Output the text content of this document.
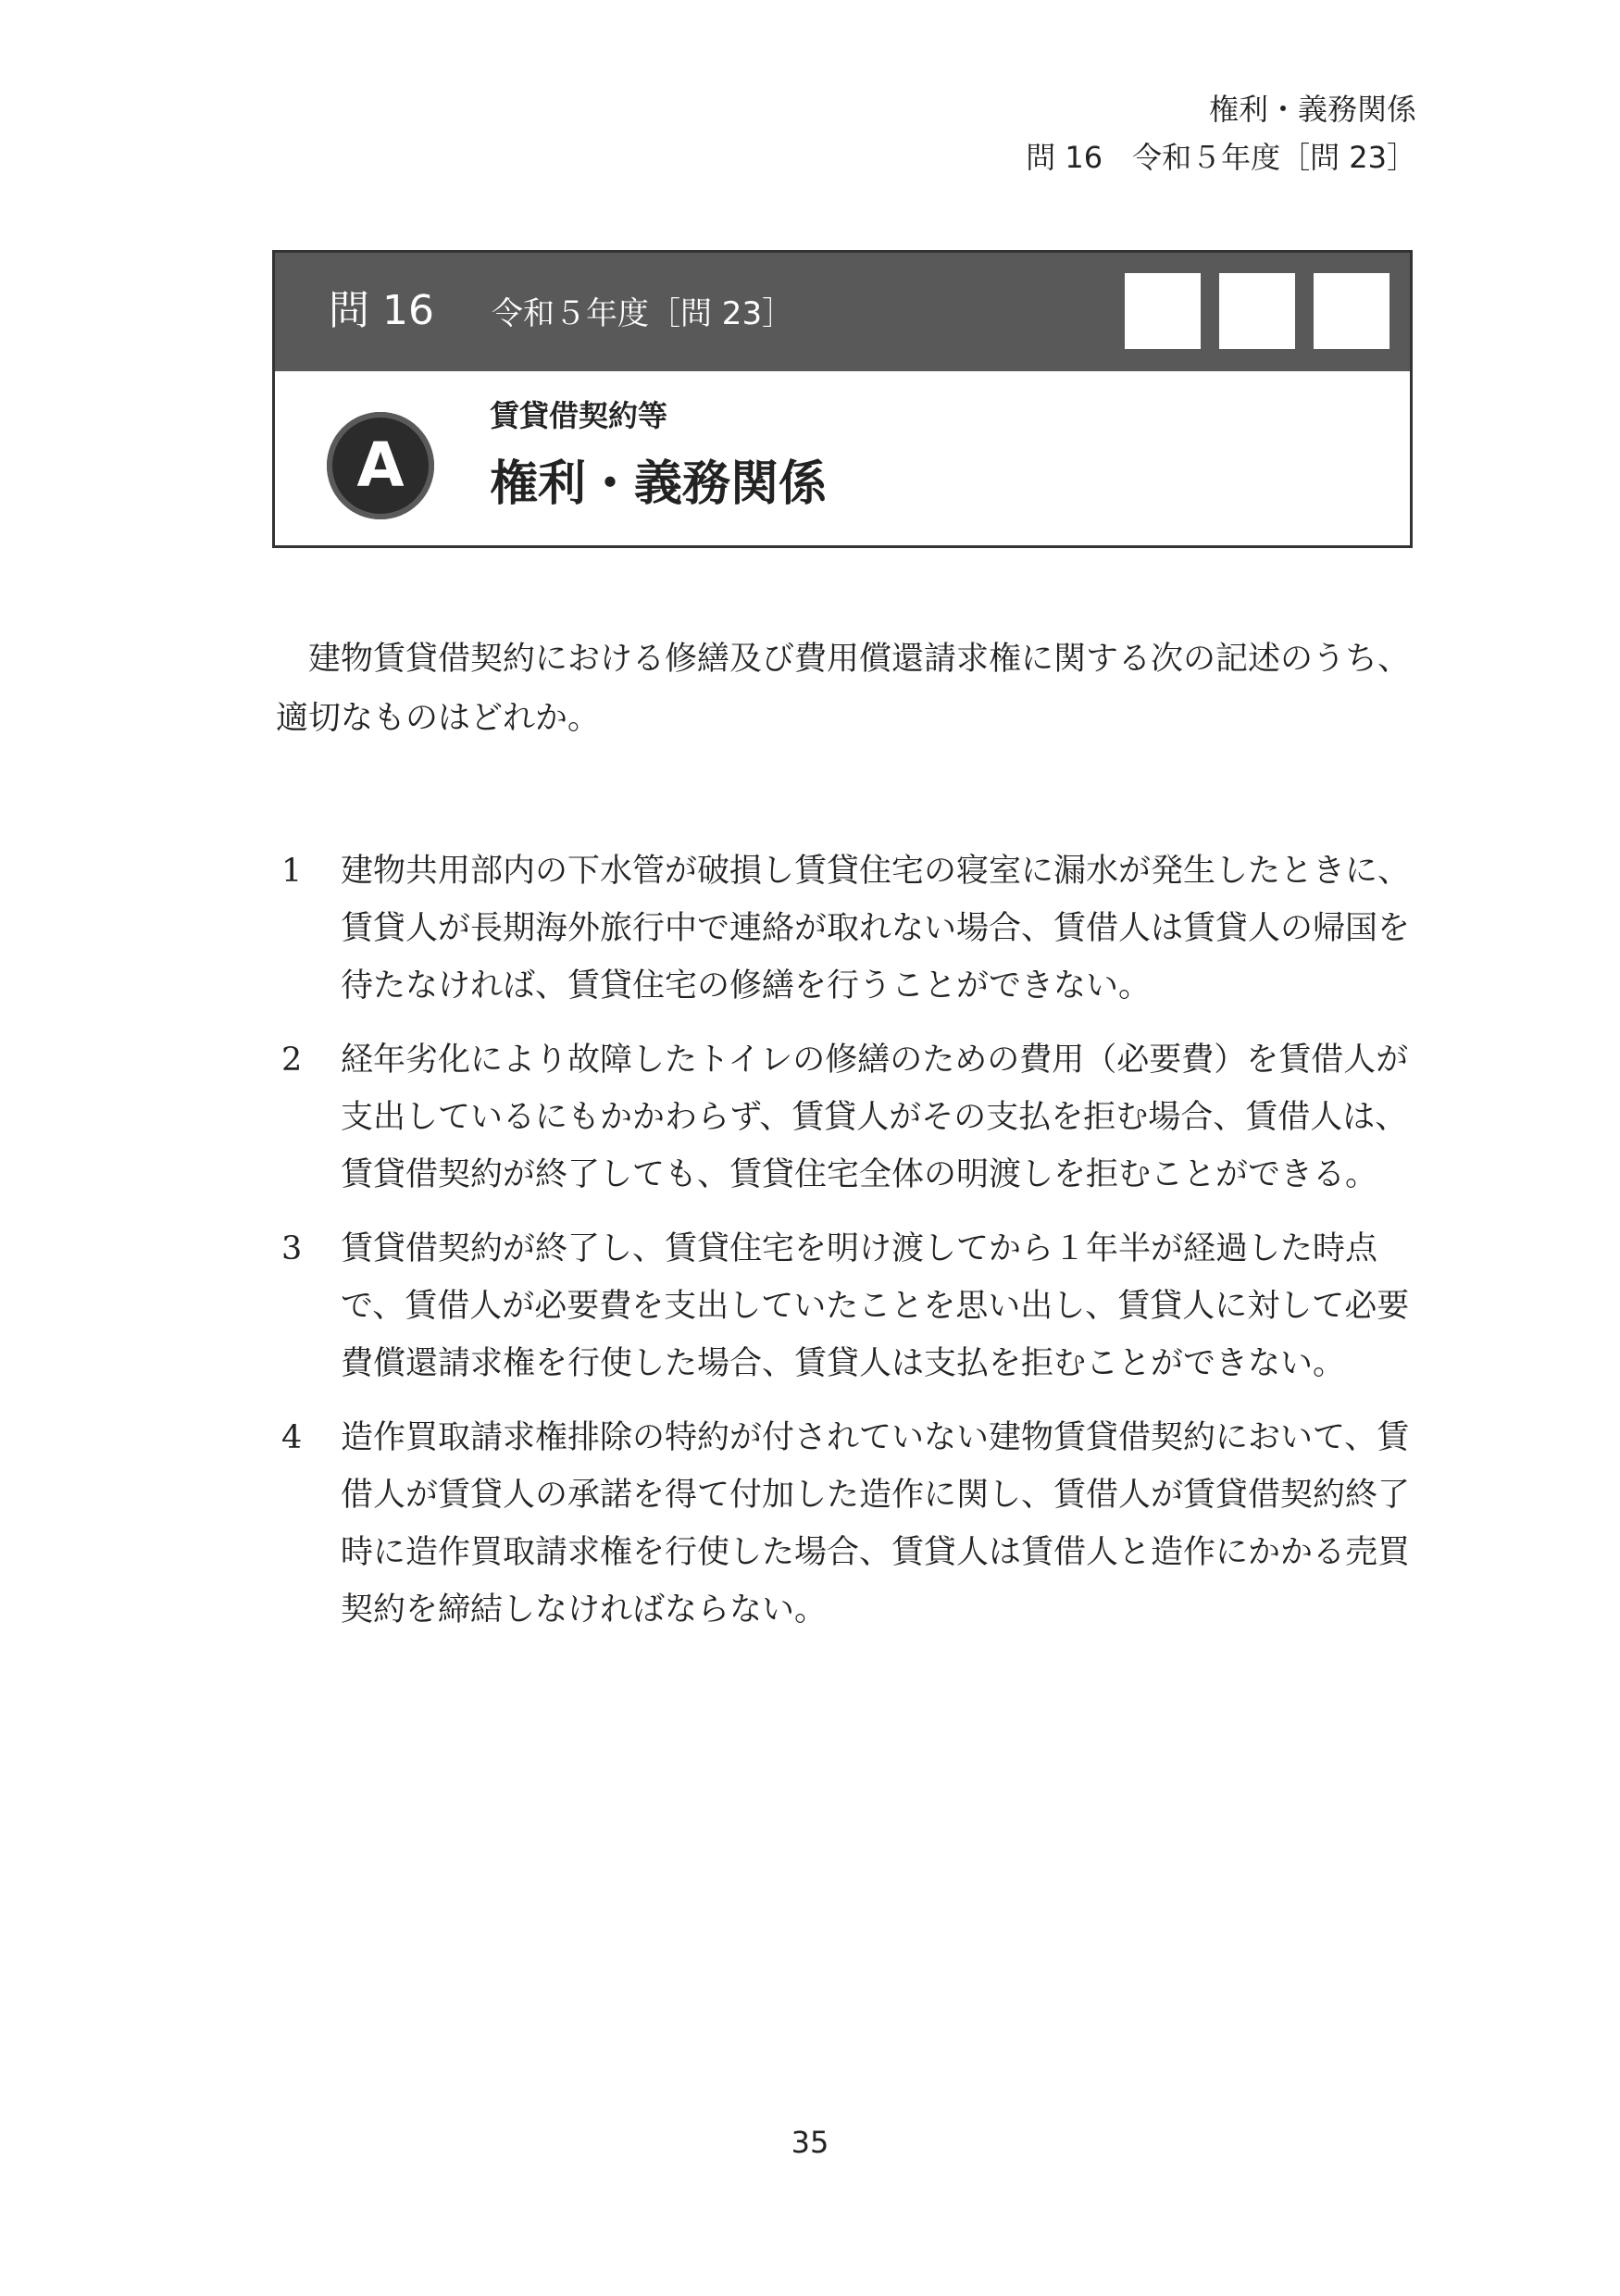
権利・義務関係
問 16　令和５年度［問 23］
問 16 令和５年度［問 23］
A
賃貸借契約等
権利・義務関係

建物賃貸借契約における修繕及び費用償還請求権に関する次の記述のうち、適切なものはどれか。

1 建物共用部内の下水管が破損し賃貸住宅の寝室に漏水が発生したときに、賃貸人が長期海外旅行中で連絡が取れない場合、賃借人は賃貸人の帰国を待たなければ、賃貸住宅の修繕を行うことができない。
2 経年劣化により故障したトイレの修繕のための費用（必要費）を賃借人が支出しているにもかかわらず、賃貸人がその支払を拒む場合、賃借人は、賃貸借契約が終了しても、賃貸住宅全体の明渡しを拒むことができる。
3 賃貸借契約が終了し、賃貸住宅を明け渡してから１年半が経過した時点で、賃借人が必要費を支出していたことを思い出し、賃貸人に対して必要費償還請求権を行使した場合、賃貸人は支払を拒むことができない。
4 造作買取請求権排除の特約が付されていない建物賃貸借契約において、賃借人が賃貸人の承諾を得て付加した造作に関し、賃借人が賃貸借契約終了時に造作買取請求権を行使した場合、賃貸人は賃借人と造作にかかる売買契約を締結しなければならない。
35
